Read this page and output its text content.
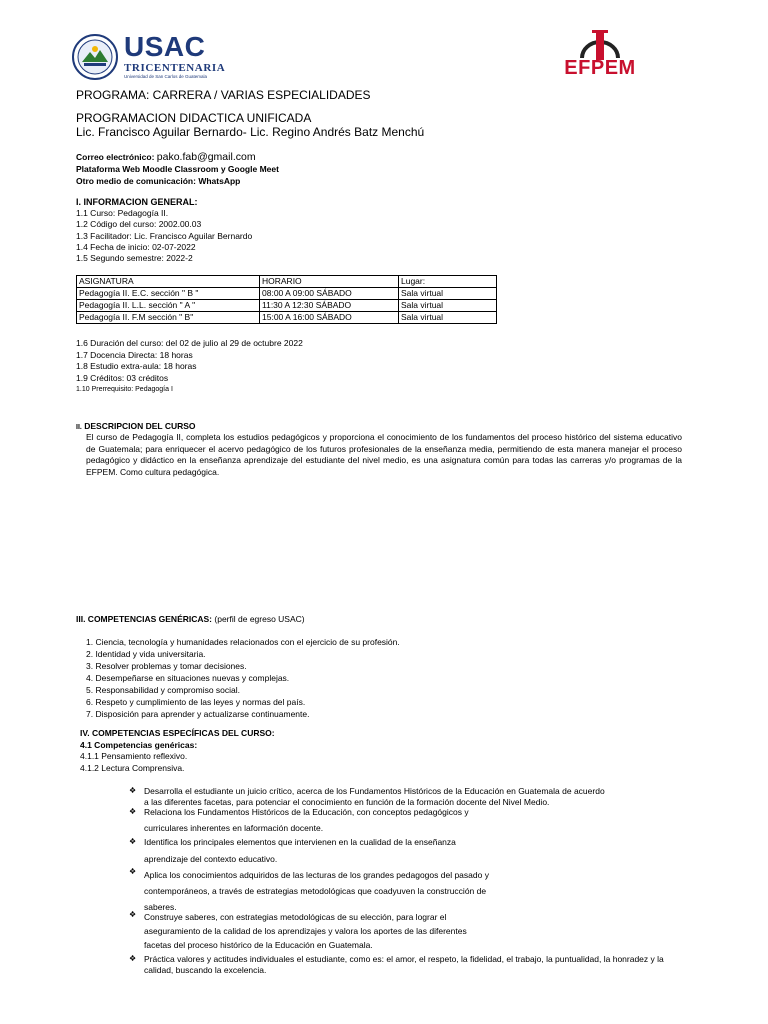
USAC
TRICENTENARIA
Universidad de San Carlos de Guatemala	EFPEM
PROGRAMA: CARRERA / VARIAS ESPECIALIDADES
PROGRAMACION DIDACTICA UNIFICADA
Lic. Francisco Aguilar Bernardo- Lic. Regino Andrés Batz Menchú
Correo electrónico: pako.fab@gmail.com
Plataforma Web Moodle Classroom y Google Meet
Otro medio de comunicación: WhatsApp
I. INFORMACION GENERAL:
1.1 Curso: Pedagogía II.
1.2 Código del curso: 2002.00.03
1.3 Facilitador: Lic. Francisco Aguilar Bernardo
1.4 Fecha de inicio: 02-07-2022
1.5 Segundo semestre: 2022-2
ASIGNATURA	HORARIO	Lugar:
Pedagogía II. E.C. sección " B "	08:00 A 09:00 SÁBADO	Sala virtual
Pedagogía II. L.L. sección " A "	11:30 A 12:30 SÁBADO	Sala virtual
Pedagogía II. F.M sección " B"	15:00 A 16:00 SÁBADO	Sala virtual
1.6 Duración del curso: del 02 de julio al 29 de octubre 2022
1.7 Docencia Directa: 18 horas
1.8 Estudio extra-aula: 18 horas
1.9 Créditos: 03 créditos
1.10 Prerrequisito: Pedagogía I
II. DESCRIPCION DEL CURSO
El curso de Pedagogía II, completa los estudios pedagógicos y proporciona el conocimiento de los fundamentos del proceso histórico del sistema educativo de Guatemala; para enriquecer el acervo pedagógico de los futuros profesionales de la enseñanza media, permitiendo de esta manera manejar el proceso pedagógico y didáctico en la enseñanza aprendizaje del estudiante del nivel medio, es una asignatura común para todas las carreras y/o programas de la EFPEM. Como cultura pedagógica.
III. COMPETENCIAS GENÉRICAS: (perfil de egreso USAC)
1. Ciencia, tecnología y humanidades relacionados con el ejercicio de su profesión.
2. Identidad y vida universitaria.
3. Resolver problemas y tomar decisiones.
4. Desempeñarse en situaciones nuevas y complejas.
5. Responsabilidad y compromiso social.
6. Respeto y cumplimiento de las leyes y normas del país.
7. Disposición para aprender y actualizarse continuamente.
IV. COMPETENCIAS ESPECÍFICAS DEL CURSO:
4.1 Competencias genéricas:
4.1.1 Pensamiento reflexivo.
4.1.2 Lectura Comprensiva.
❖ Desarrolla el estudiante un juicio crítico, acerca de los Fundamentos Históricos de la Educación en Guatemala de acuerdo
a las diferentes facetas, para potenciar el conocimiento en función de la formación docente del Nivel Medio.
❖ Relaciona los Fundamentos Históricos de la Educación, con conceptos pedagógicos y
curriculares inherentes en laformación docente.
❖ Identifica los principales elementos que intervienen en la cualidad de la enseñanza
aprendizaje del contexto educativo.
❖ Aplica los conocimientos adquiridos de las lecturas de los grandes pedagogos del pasado y
contemporáneos, a través de estrategias metodológicas que coadyuven la construcción de
saberes.
❖ Construye saberes, con estrategias metodológicas de su elección, para lograr el
aseguramiento de la calidad de los aprendizajes y valora los aportes de las diferentes
facetas del proceso histórico de la Educación en Guatemala.
❖ Práctica valores y actitudes individuales el estudiante, como es: el amor, el respeto, la fidelidad, el trabajo, la puntualidad, la honradez y la
calidad, buscando la excelencia.
